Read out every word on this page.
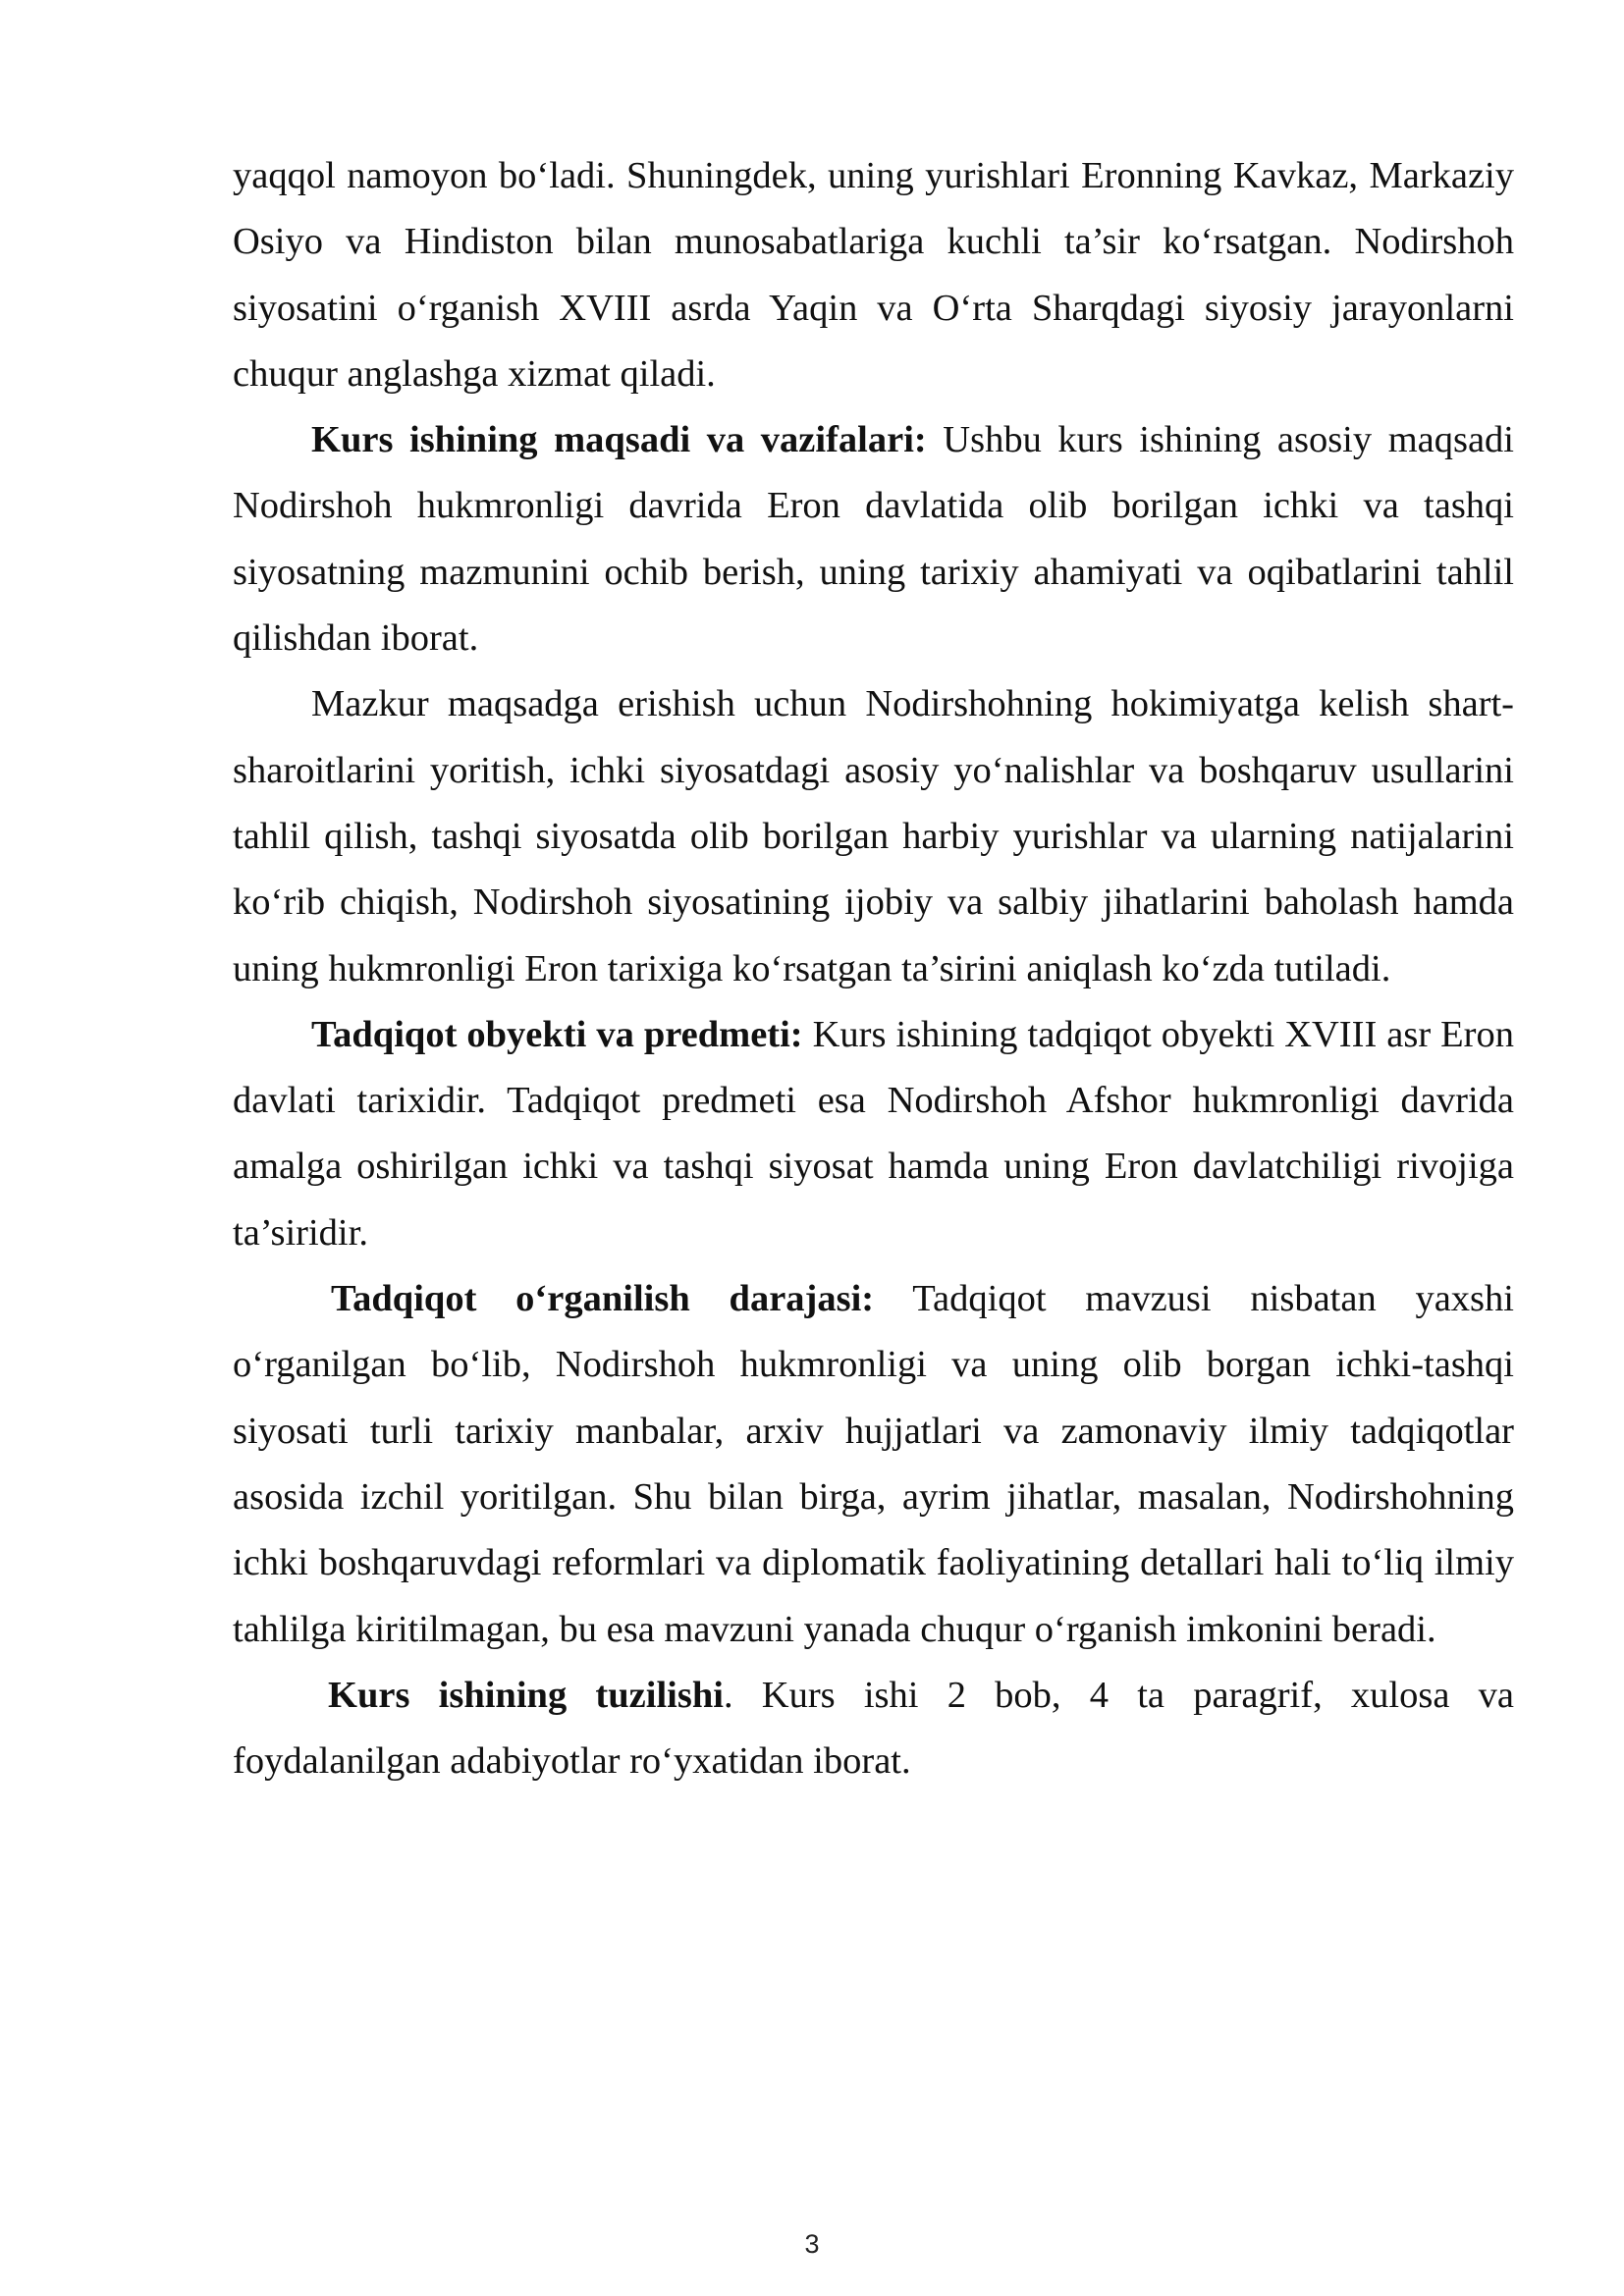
yaqqol namoyon bo‘ladi. Shuningdek, uning yurishlari Eronning Kavkaz, Markaziy Osiyo va Hindiston bilan munosabatlariga kuchli ta’sir ko‘rsatgan. Nodirshoh siyosatini o‘rganish XVIII asrda Yaqin va O‘rta Sharqdagi siyosiy jarayonlarni chuqur anglashga xizmat qiladi.

Kurs ishining maqsadi va vazifalari: Ushbu kurs ishining asosiy maqsadi Nodirshoh hukmronligi davrida Eron davlatida olib borilgan ichki va tashqi siyosatning mazmunini ochib berish, uning tarixiy ahamiyati va oqibatlarini tahlil qilishdan iborat.

Mazkur maqsadga erishish uchun Nodirshohning hokimiyatga kelish shart-sharoitlarini yoritish, ichki siyosatdagi asosiy yo‘nalishlar va boshqaruv usullarini tahlil qilish, tashqi siyosatda olib borilgan harbiy yurishlar va ularning natijalarini ko‘rib chiqish, Nodirshoh siyosatining ijobiy va salbiy jihatlarini baholash hamda uning hukmronligi Eron tarixiga ko‘rsatgan ta’sirini aniqlash ko‘zda tutiladi.

Tadqiqot obyekti va predmeti: Kurs ishining tadqiqot obyekti XVIII asr Eron davlati tarixidir. Tadqiqot predmeti esa Nodirshoh Afshor hukmronligi davrida amalga oshirilgan ichki va tashqi siyosat hamda uning Eron davlatchiligi rivojiga ta’siridir.

Tadqiqot o‘rganilish darajasi: Tadqiqot mavzusi nisbatan yaxshi o‘rganilgan bo‘lib, Nodirshoh hukmronligi va uning olib borgan ichki-tashqi siyosati turli tarixiy manbalar, arxiv hujjatlari va zamonaviy ilmiy tadqiqotlar asosida izchil yoritilgan. Shu bilan birga, ayrim jihatlar, masalan, Nodirshohning ichki boshqaruvdagi reformlari va diplomatik faoliyatining detallari hali to‘liq ilmiy tahlilga kiritilmagan, bu esa mavzuni yanada chuqur o‘rganish imkonini beradi.

Kurs ishining tuzilishi. Kurs ishi 2 bob, 4 ta paragrif, xulosa va foydalanilgan adabiyotlar ro‘yxatidan iborat.

3
